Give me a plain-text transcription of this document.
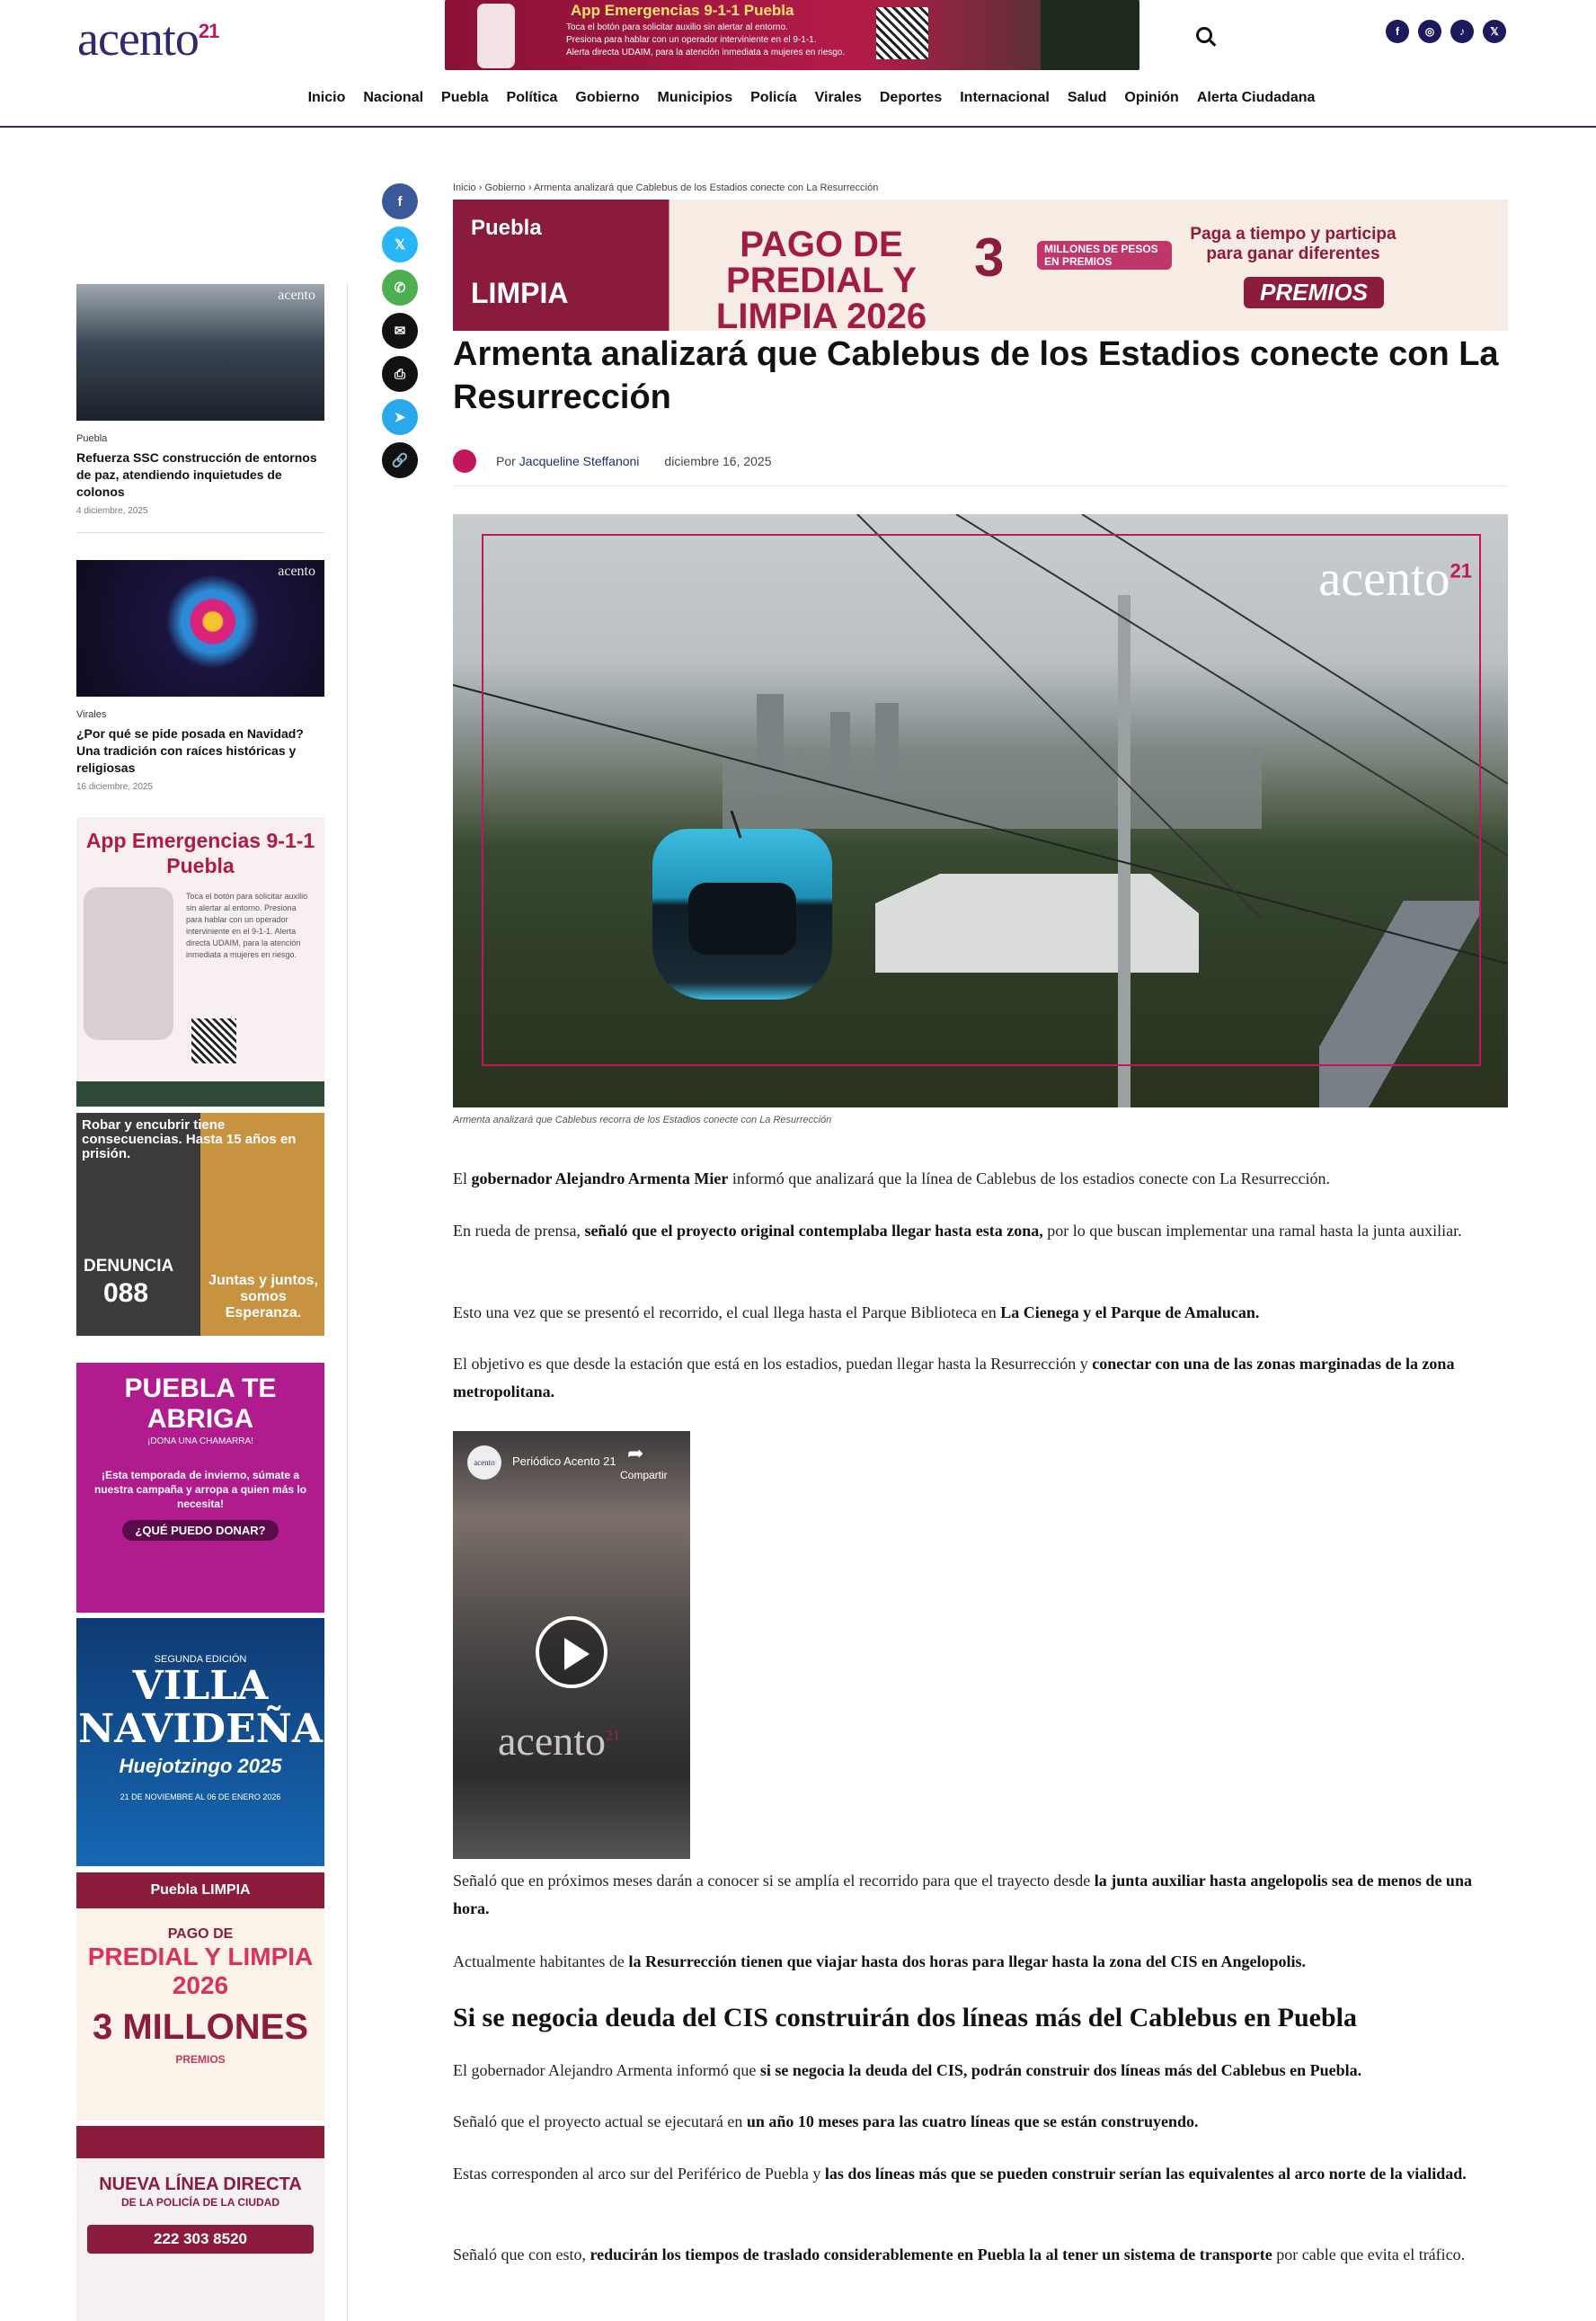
acento$^{21}$
App Emergencias 9-1-1 Puebla
Toca el botón para solicitar auxilio sin alertar al entorno.
Presiona para hablar con un operador interviniente en el 9-1-1.
Alerta directa UDAIM, para la atención inmediata a mujeres en riesgo.
f	◎	♪	𝕏
Inicio Nacional Puebla Política Gobierno Municipios Policía Virales Deportes Internacional Salud Opinión Alerta Ciudadana
acento
Puebla
Refuerza SSC construcción de entornos de paz, atendiendo inquietudes de colonos
4 diciembre, 2025
acento
Virales
¿Por qué se pide posada en Navidad? Una tradición con raíces históricas y religiosas
16 diciembre, 2025
App Emergencias 9-1-1 Puebla
Toca el botón para solicitar auxilio sin alertar al entorno. Presiona para hablar con un operador interviniente en el 9-1-1. Alerta directa UDAIM, para la atención inmediata a mujeres en riesgo.
Robar y encubrir tiene consecuencias. Hasta 15 años en prisión.
DENUNCIA
088	Juntas y juntos, somos Esperanza.
PUEBLA TE ABRIGA
¡DONA UNA CHAMARRA!
¡Esta temporada de invierno, súmate a nuestra campaña y arropa a quien más lo necesita!
¿QUÉ PUEDO DONAR?
SEGUNDA EDICIÓN
VILLA NAVIDEÑA
Huejotzingo 2025
21 DE NOVIEMBRE AL 06 DE ENERO 2026
Puebla LIMPIA
PAGO DE
PREDIAL Y LIMPIA 2026
3 MILLONES
PREMIOS
NUEVA LÍNEA DIRECTA
DE LA POLICÍA DE LA CIUDAD
222 303 8520
f
𝕏
✆
✉
⎙
➤
🔗
Inicio › Gobierno › Armenta analizará que Cablebus de los Estadios conecte con La Resurrección
Puebla
LIMPIA
PAGO DE PREDIAL Y LIMPIA 2026
3	MILLONES DE PESOS EN PREMIOS
Paga a tiempo y participa para ganar diferentes
PREMIOS
Armenta analizará que Cablebus de los Estadios conecte con La Resurrección
Por Jacqueline Steffanoni diciembre 16, 2025
acento$^{21}$
Armenta analizará que Cablebus recorra de los Estadios conecte con La Resurrección

El gobernador Alejandro Armenta Mier informó que analizará que la línea de Cablebus de los estadios conecte con La Resurrección.

En rueda de prensa, señaló que el proyecto original contemplaba llegar hasta esta zona, por lo que buscan implementar una ramal hasta la junta auxiliar.

Esto una vez que se presentó el recorrido, el cual llega hasta el Parque Biblioteca en La Cienega y el Parque de Amalucan.

El objetivo es que desde la estación que está en los estadios, puedan llegar hasta la Resurrección y conectar con una de las zonas marginadas de la zona metropolitana.

acento	Periódico Acento 21 ➦
Compartir
acento$^{21}$

Señaló que en próximos meses darán a conocer si se amplía el recorrido para que el trayecto desde la junta auxiliar hasta angelopolis sea de menos de una hora.

Actualmente habitantes de la Resurrección tienen que viajar hasta dos horas para llegar hasta la zona del CIS en Angelopolis.

Si se negocia deuda del CIS construirán dos líneas más del Cablebus en Puebla

El gobernador Alejandro Armenta informó que si se negocia la deuda del CIS, podrán construir dos líneas más del Cablebus en Puebla.

Señaló que el proyecto actual se ejecutará en un año 10 meses para las cuatro líneas que se están construyendo.

Estas corresponden al arco sur del Periférico de Puebla y las dos líneas más que se pueden construir serían las equivalentes al arco norte de la vialidad.

Señaló que con esto, reducirán los tiempos de traslado considerablemente en Puebla la al tener un sistema de transporte por cable que evita el tráfico.
